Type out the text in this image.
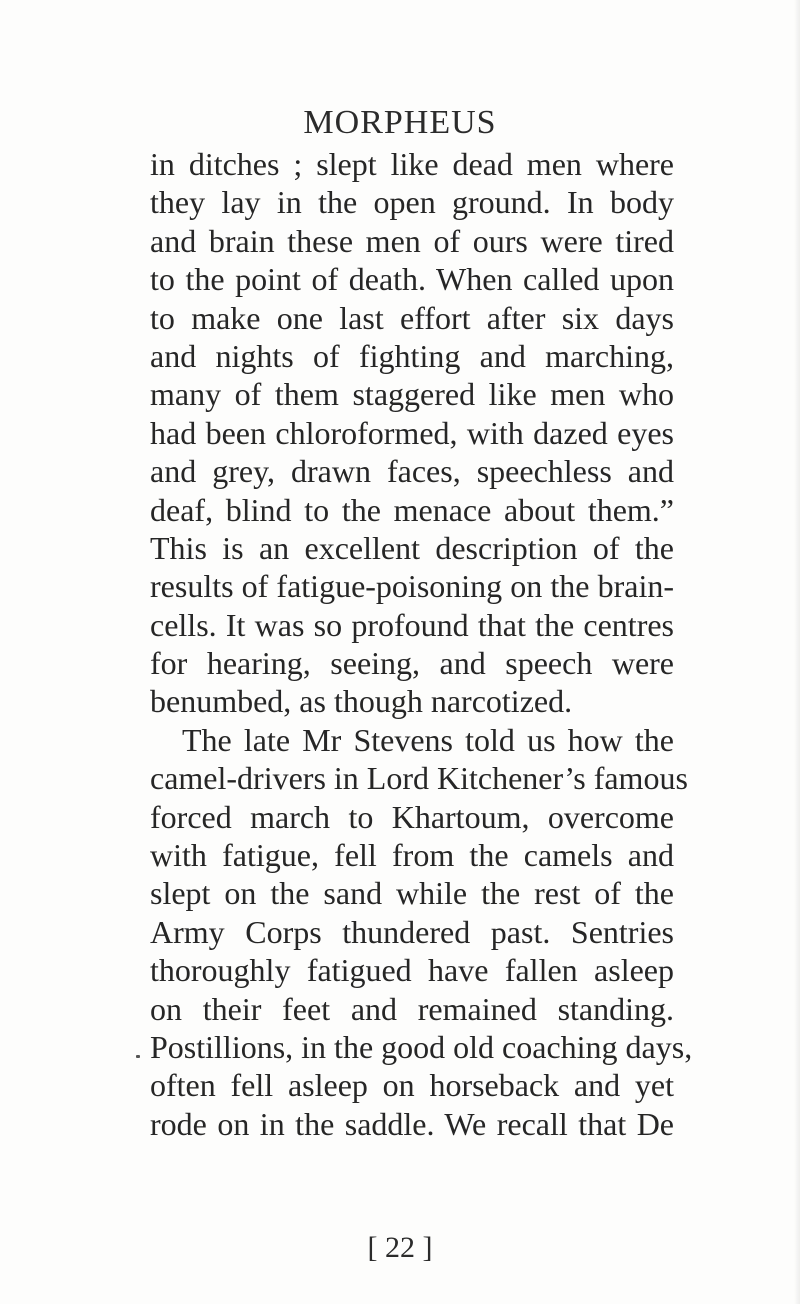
MORPHEUS
in ditches ; slept like dead men where
they lay in the open ground. In body
and brain these men of ours were tired
to the point of death. When called upon
to make one last effort after six days
and nights of fighting and marching,
many of them staggered like men who
had been chloroformed, with dazed eyes
and grey, drawn faces, speechless and
deaf, blind to the menace about them.”
This is an excellent description of the
results of fatigue-poisoning on the brain-
cells. It was so profound that the centres
for hearing, seeing, and speech were
benumbed, as though narcotized.
The late Mr Stevens told us how the
camel-drivers in Lord Kitchener’s famous
forced march to Khartoum, overcome
with fatigue, fell from the camels and
slept on the sand while the rest of the
Army Corps thundered past. Sentries
thoroughly fatigued have fallen asleep
on their feet and remained standing.
Postillions, in the good old coaching days,
often fell asleep on horseback and yet
rode on in the saddle. We recall that De
[ 22 ]
